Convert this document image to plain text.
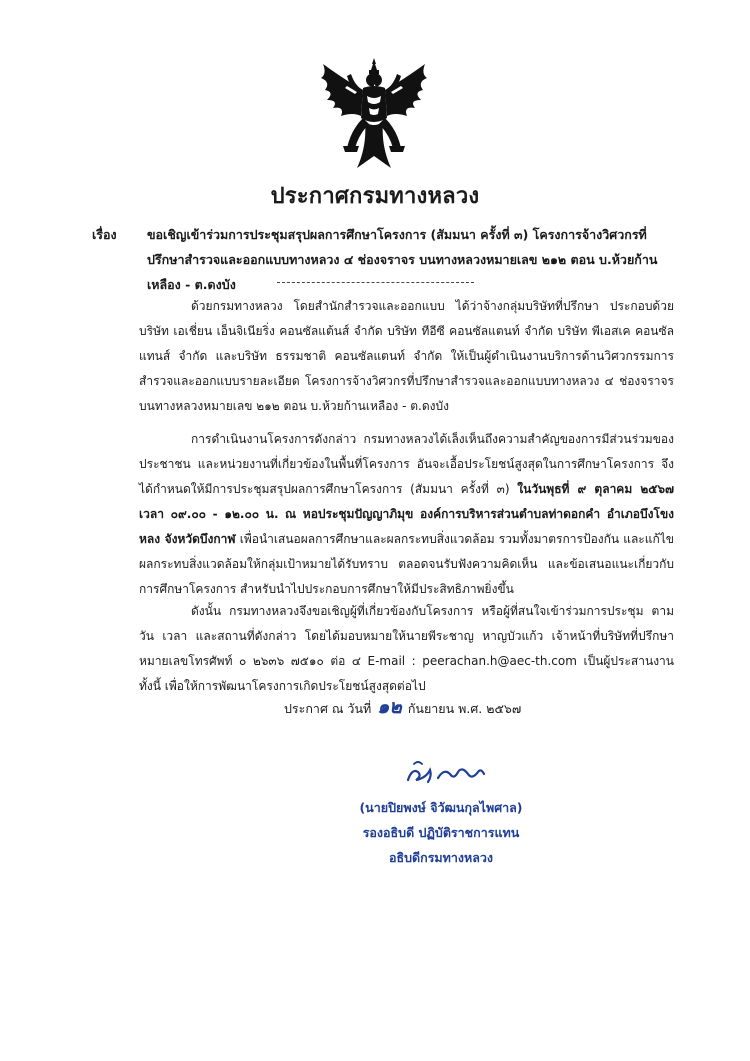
ประกาศกรมทางหลวง
เรื่อง ขอเชิญเข้าร่วมการประชุมสรุปผลการศึกษาโครงการ (สัมมนา ครั้งที่ ๓) โครงการจ้างวิศวกรที่ปรึกษาสำรวจและออกแบบทางหลวง ๔ ช่องจราจร บนทางหลวงหมายเลข ๒๑๒ ตอน บ.ห้วยก้านเหลือง - ต.ดงบัง
ด้วยกรมทางหลวง โดยสำนักสำรวจและออกแบบ ได้ว่าจ้างกลุ่มบริษัทที่ปรึกษา ประกอบด้วย บริษัท เอเชี่ยน เอ็นจิเนียริ่ง คอนซัลแต้นส์ จำกัด บริษัท ทีอีซี คอนซัลแตนท์ จำกัด บริษัท พีเอสเค คอนซัลแทนส์ จำกัด และบริษัท ธรรมชาติ คอนซัลแตนท์ จำกัด ให้เป็นผู้ดำเนินงานบริการด้านวิศวกรรมการสำรวจและออกแบบรายละเอียด โครงการจ้างวิศวกรที่ปรึกษาสำรวจและออกแบบทางหลวง ๔ ช่องจราจร บนทางหลวงหมายเลข ๒๑๒ ตอน บ.ห้วยก้านเหลือง - ต.ดงบัง
การดำเนินงานโครงการดังกล่าว กรมทางหลวงได้เล็งเห็นถึงความสำคัญของการมีส่วนร่วมของประชาชน และหน่วยงานที่เกี่ยวข้องในพื้นที่โครงการ อันจะเอื้อประโยชน์สูงสุดในการศึกษาโครงการ จึงได้กำหนดให้มีการประชุมสรุปผลการศึกษาโครงการ (สัมมนา ครั้งที่ ๓) ในวันพุธที่ ๙ ตุลาคม ๒๕๖๗ เวลา ๐๙.๐๐ - ๑๒.๐๐ น. ณ หอประชุมปัญญาภิมุข องค์การบริหารส่วนตำบลท่าดอกคำ อำเภอบึงโขงหลง จังหวัดบึงกาฬ เพื่อนำเสนอผลการศึกษาและผลกระทบสิ่งแวดล้อม รวมทั้งมาตรการป้องกัน และแก้ไขผลกระทบสิ่งแวดล้อมให้กลุ่มเป้าหมายได้รับทราบ ตลอดจนรับฟังความคิดเห็น และข้อเสนอแนะเกี่ยวกับการศึกษาโครงการ สำหรับนำไปประกอบการศึกษาให้มีประสิทธิภาพยิ่งขึ้น
ดังนั้น กรมทางหลวงจึงขอเชิญผู้ที่เกี่ยวข้องกับโครงการ หรือผู้ที่สนใจเข้าร่วมการประชุม ตามวัน เวลา และสถานที่ดังกล่าว โดยได้มอบหมายให้นายพีระชาญ หาญบัวแก้ว เจ้าหน้าที่บริษัทที่ปรึกษา หมายเลขโทรศัพท์ ๐ ๒๖๓๖ ๗๕๑๐ ต่อ ๔ E-mail : peerachan.h@aec-th.com เป็นผู้ประสานงาน ทั้งนี้ เพื่อให้การพัฒนาโครงการเกิดประโยชน์สูงสุดต่อไป
ประกาศ ณ วันที่ ๑๒ กันยายน พ.ศ. ๒๕๖๗
(นายปิยพงษ์ จิวัฒนกุลไพศาล)
รองอธิบดี ปฏิบัติราชการแทน
อธิบดีกรมทางหลวง
